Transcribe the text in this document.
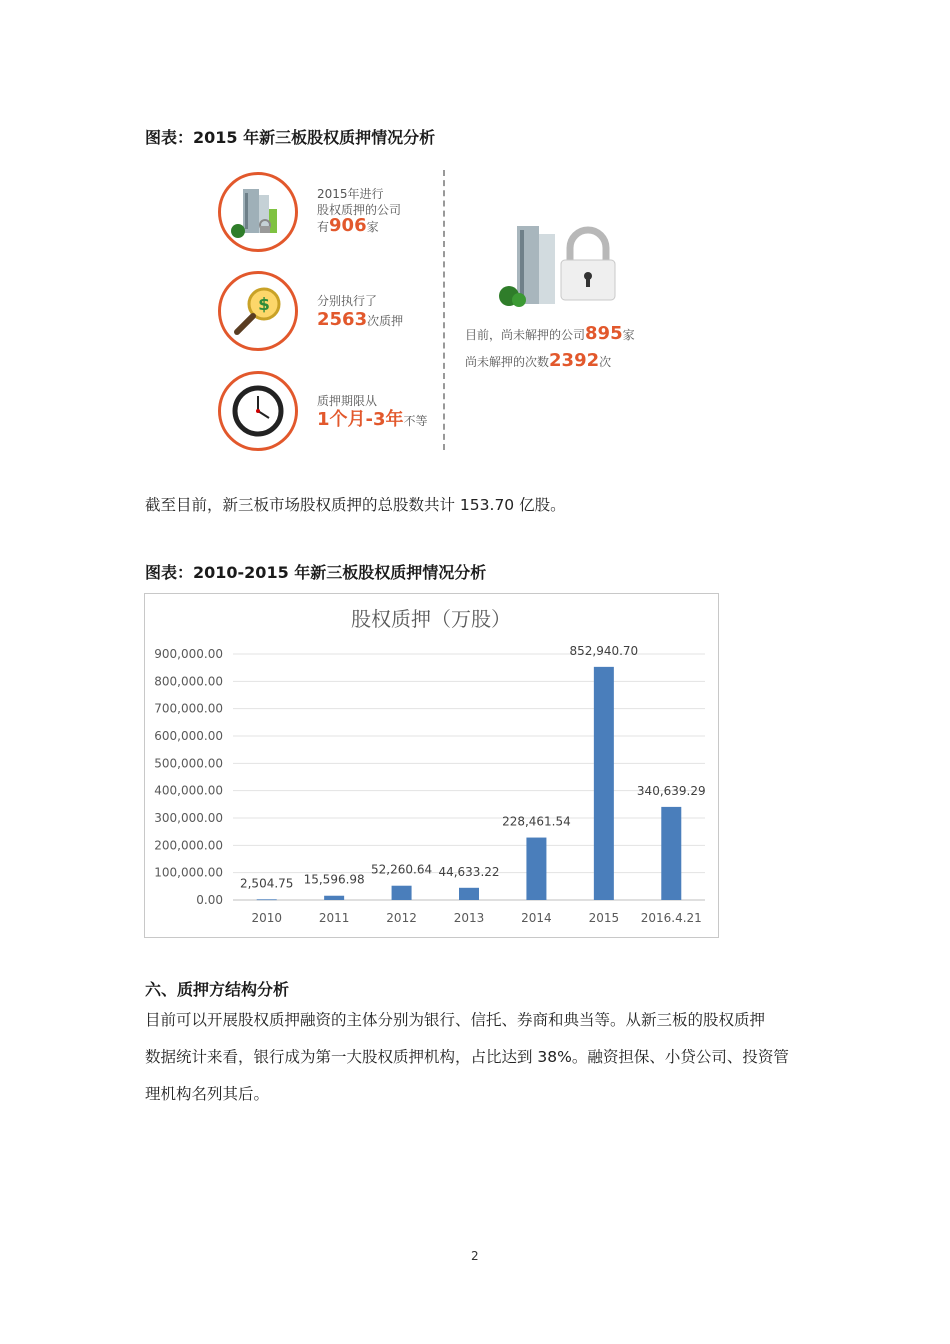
图表：2015 年新三板股权质押情况分析
$
2015年进行
股权质押的公司
有906家
分别执行了
2563次质押
质押期限从
1个月-3年不等
目前，尚未解押的公司895家
尚未解押的次数2392次
截至目前，新三板市场股权质押的总股数共计 153.70 亿股。
图表：2010-2015 年新三板股权质押情况分析
股权质押（万股）
0.00
100,000.00
200,000.00
300,000.00
400,000.00
500,000.00
600,000.00
700,000.00
800,000.00
900,000.00
2,504.75 15,596.98
52,260.64 44,633.22
228,461.54
852,940.70
340,639.29
2010	2011	2012	2013	2014	2015 2016.4.21
六、质押方结构分析
目前可以开展股权质押融资的主体分别为银行、信托、券商和典当等。从新三板的股权质押
数据统计来看，银行成为第一大股权质押机构，占比达到 38%。融资担保、小贷公司、投资管
理机构名列其后。
2
